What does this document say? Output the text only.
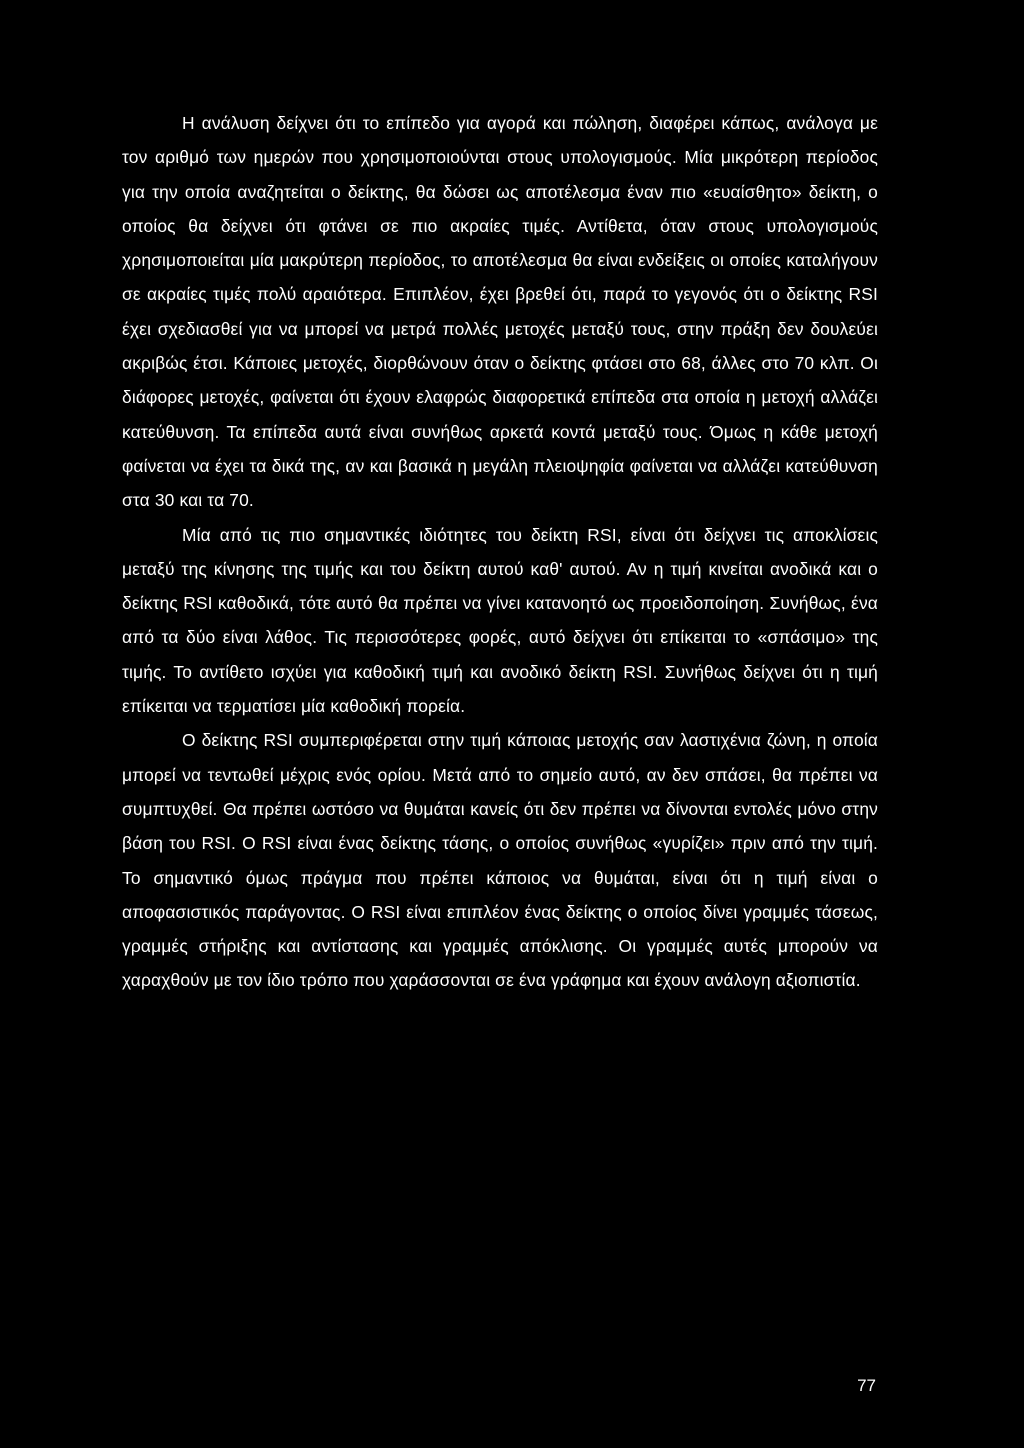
Η ανάλυση δείχνει ότι το επίπεδο για αγορά και πώληση, διαφέρει κάπως, ανάλογα με τον αριθμό των ημερών που χρησιμοποιούνται στους υπολογισμούς. Μία μικρότερη περίοδος για την οποία αναζητείται ο δείκτης, θα δώσει ως αποτέλεσμα έναν πιο «ευαίσθητο» δείκτη, ο οποίος θα δείχνει ότι φτάνει σε πιο ακραίες τιμές. Αντίθετα, όταν στους υπολογισμούς χρησιμοποιείται μία μακρύτερη περίοδος, το αποτέλεσμα θα είναι ενδείξεις οι οποίες καταλήγουν σε ακραίες τιμές πολύ αραιότερα. Επιπλέον, έχει βρεθεί ότι, παρά το γεγονός ότι ο δείκτης RSI έχει σχεδιασθεί για να μπορεί να μετρά πολλές μετοχές μεταξύ τους, στην πράξη δεν δουλεύει ακριβώς έτσι. Κάποιες μετοχές, διορθώνουν όταν ο δείκτης φτάσει στο 68, άλλες στο 70 κλπ. Οι διάφορες μετοχές, φαίνεται ότι έχουν ελαφρώς διαφορετικά επίπεδα στα οποία η μετοχή αλλάζει κατεύθυνση. Τα επίπεδα αυτά είναι συνήθως αρκετά κοντά μεταξύ τους. Όμως η κάθε μετοχή φαίνεται να έχει τα δικά της, αν και βασικά η μεγάλη πλειοψηφία φαίνεται να αλλάζει κατεύθυνση στα 30 και τα 70.

Μία από τις πιο σημαντικές ιδιότητες του δείκτη RSI, είναι ότι δείχνει τις αποκλίσεις μεταξύ της κίνησης της τιμής και του δείκτη αυτού καθ' αυτού. Αν η τιμή κινείται ανοδικά και ο δείκτης RSI καθοδικά, τότε αυτό θα πρέπει να γίνει κατανοητό ως προειδοποίηση. Συνήθως, ένα από τα δύο είναι λάθος. Τις περισσότερες φορές, αυτό δείχνει ότι επίκειται το «σπάσιμο» της τιμής. Το αντίθετο ισχύει για καθοδική τιμή και ανοδικό δείκτη RSI. Συνήθως δείχνει ότι η τιμή επίκειται να τερματίσει μία καθοδική πορεία.

Ο δείκτης RSI συμπεριφέρεται στην τιμή κάποιας μετοχής σαν λαστιχένια ζώνη, η οποία μπορεί να τεντωθεί μέχρις ενός ορίου. Μετά από το σημείο αυτό, αν δεν σπάσει, θα πρέπει να συμπτυχθεί. Θα πρέπει ωστόσο να θυμάται κανείς ότι δεν πρέπει να δίνονται εντολές μόνο στην βάση του RSI. Ο RSI είναι ένας δείκτης τάσης, ο οποίος συνήθως «γυρίζει» πριν από την τιμή. Το σημαντικό όμως πράγμα που πρέπει κάποιος να θυμάται, είναι ότι η τιμή είναι ο αποφασιστικός παράγοντας. Ο RSI είναι επιπλέον ένας δείκτης ο οποίος δίνει γραμμές τάσεως, γραμμές στήριξης και αντίστασης και γραμμές απόκλισης. Οι γραμμές αυτές μπορούν να χαραχθούν με τον ίδιο τρόπο που χαράσσονται σε ένα γράφημα και έχουν ανάλογη αξιοπιστία.

77
